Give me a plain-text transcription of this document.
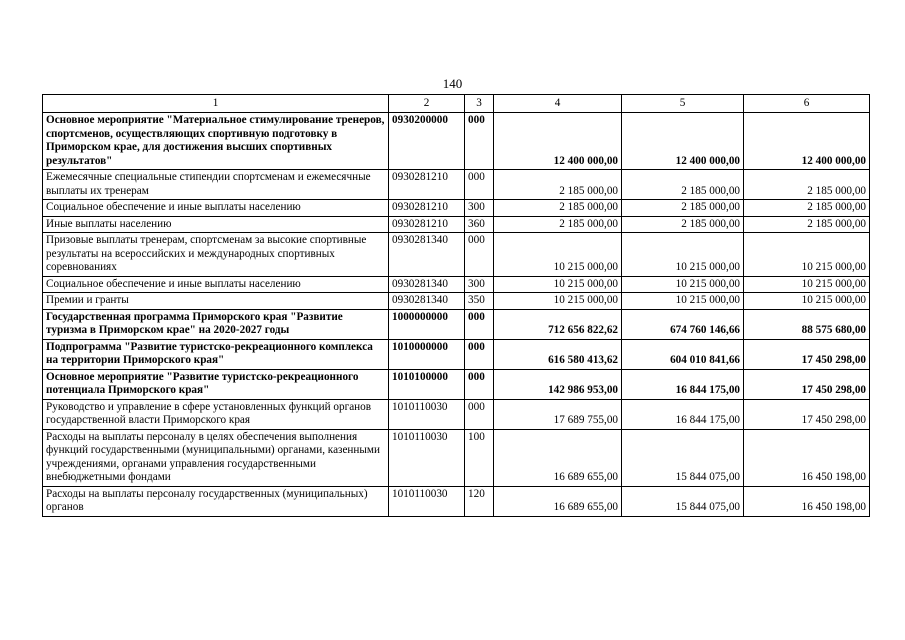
140
1	2	3	4	5	6
Основное мероприятие "Материальное стимулирование тренеров, спортсменов, осуществляющих спортивную подготовку в Приморском крае, для достижения высших спортивных результатов"	0930200000	000	12 400 000,00	12 400 000,00	12 400 000,00
Ежемесячные специальные стипендии спортсменам и ежемесячные выплаты их тренерам	0930281210	000	2 185 000,00	2 185 000,00	2 185 000,00
Социальное обеспечение и иные выплаты населению	0930281210	300	2 185 000,00	2 185 000,00	2 185 000,00
Иные выплаты населению	0930281210	360	2 185 000,00	2 185 000,00	2 185 000,00
Призовые выплаты тренерам, спортсменам за высокие спортивные результаты на всероссийских и международных спортивных соревнованиях	0930281340	000	10 215 000,00	10 215 000,00	10 215 000,00
Социальное обеспечение и иные выплаты населению	0930281340	300	10 215 000,00	10 215 000,00	10 215 000,00
Премии и гранты	0930281340	350	10 215 000,00	10 215 000,00	10 215 000,00
Государственная программа Приморского края "Развитие туризма в Приморском крае" на 2020-2027 годы	1000000000	000	712 656 822,62	674 760 146,66	88 575 680,00
Подпрограмма "Развитие туристско-рекреационного комплекса на территории Приморского края"	1010000000	000	616 580 413,62	604 010 841,66	17 450 298,00
Основное мероприятие "Развитие туристско-рекреационного потенциала Приморского края"	1010100000	000	142 986 953,00	16 844 175,00	17 450 298,00
Руководство и управление в сфере установленных функций органов государственной власти Приморского края	1010110030	000	17 689 755,00	16 844 175,00	17 450 298,00
Расходы на выплаты персоналу в целях обеспечения выполнения функций государственными (муниципальными) органами, казенными учреждениями, органами управления государственными внебюджетными фондами	1010110030	100	16 689 655,00	15 844 075,00	16 450 198,00
Расходы на выплаты персоналу государственных (муниципальных) органов	1010110030	120	16 689 655,00	15 844 075,00	16 450 198,00
